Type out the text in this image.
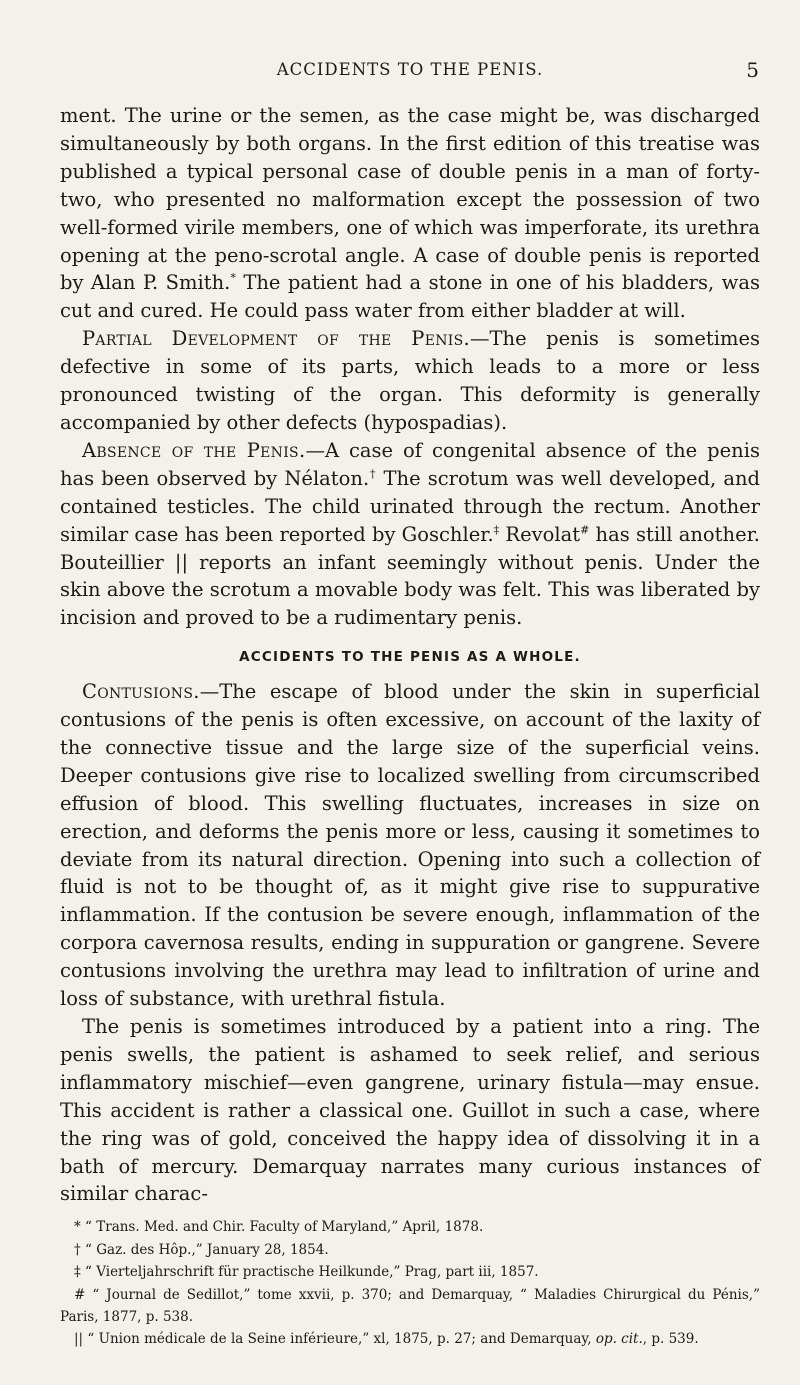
ACCIDENTS TO THE PENIS.	5

ment. The urine or the semen, as the case might be, was discharged simultaneously by both organs. In the first edition of this treatise was published a typical personal case of double penis in a man of forty-two, who presented no malformation except the possession of two well-formed virile members, one of which was imperforate, its urethra opening at the peno-scrotal angle. A case of double penis is reported by Alan P. Smith.* The patient had a stone in one of his bladders, was cut and cured. He could pass water from either bladder at will.

Partial Development of the Penis.—The penis is sometimes defective in some of its parts, which leads to a more or less pronounced twisting of the organ. This deformity is generally accompanied by other defects (hypospadias).

Absence of the Penis.—A case of congenital absence of the penis has been observed by Nélaton.† The scrotum was well developed, and contained testicles. The child urinated through the rectum. Another similar case has been reported by Goschler.‡ Revolat# has still another. Bouteillier || reports an infant seemingly without penis. Under the skin above the scrotum a movable body was felt. This was liberated by incision and proved to be a rudimentary penis.

ACCIDENTS TO THE PENIS AS A WHOLE.

Contusions.—The escape of blood under the skin in superficial contusions of the penis is often excessive, on account of the laxity of the connective tissue and the large size of the superficial veins. Deeper contusions give rise to localized swelling from circumscribed effusion of blood. This swelling fluctuates, increases in size on erection, and deforms the penis more or less, causing it sometimes to deviate from its natural direction. Opening into such a collection of fluid is not to be thought of, as it might give rise to suppurative inflammation. If the contusion be severe enough, inflammation of the corpora cavernosa results, ending in suppuration or gangrene. Severe contusions involving the urethra may lead to infiltration of urine and loss of substance, with urethral fistula.

The penis is sometimes introduced by a patient into a ring. The penis swells, the patient is ashamed to seek relief, and serious inflammatory mischief—even gangrene, urinary fistula—may ensue. This accident is rather a classical one. Guillot in such a case, where the ring was of gold, conceived the happy idea of dissolving it in a bath of mercury. Demarquay narrates many curious instances of similar charac-

* “ Trans. Med. and Chir. Faculty of Maryland,” April, 1878.

† “ Gaz. des Hôp.,” January 28, 1854.

‡ “ Vierteljahrschrift für practische Heilkunde,” Prag, part iii, 1857.

# “ Journal de Sedillot,” tome xxvii, p. 370; and Demarquay, “ Maladies Chirurgical du Pénis,” Paris, 1877, p. 538.

|| “ Union médicale de la Seine inférieure,” xl, 1875, p. 27; and Demarquay, op. cit., p. 539.
